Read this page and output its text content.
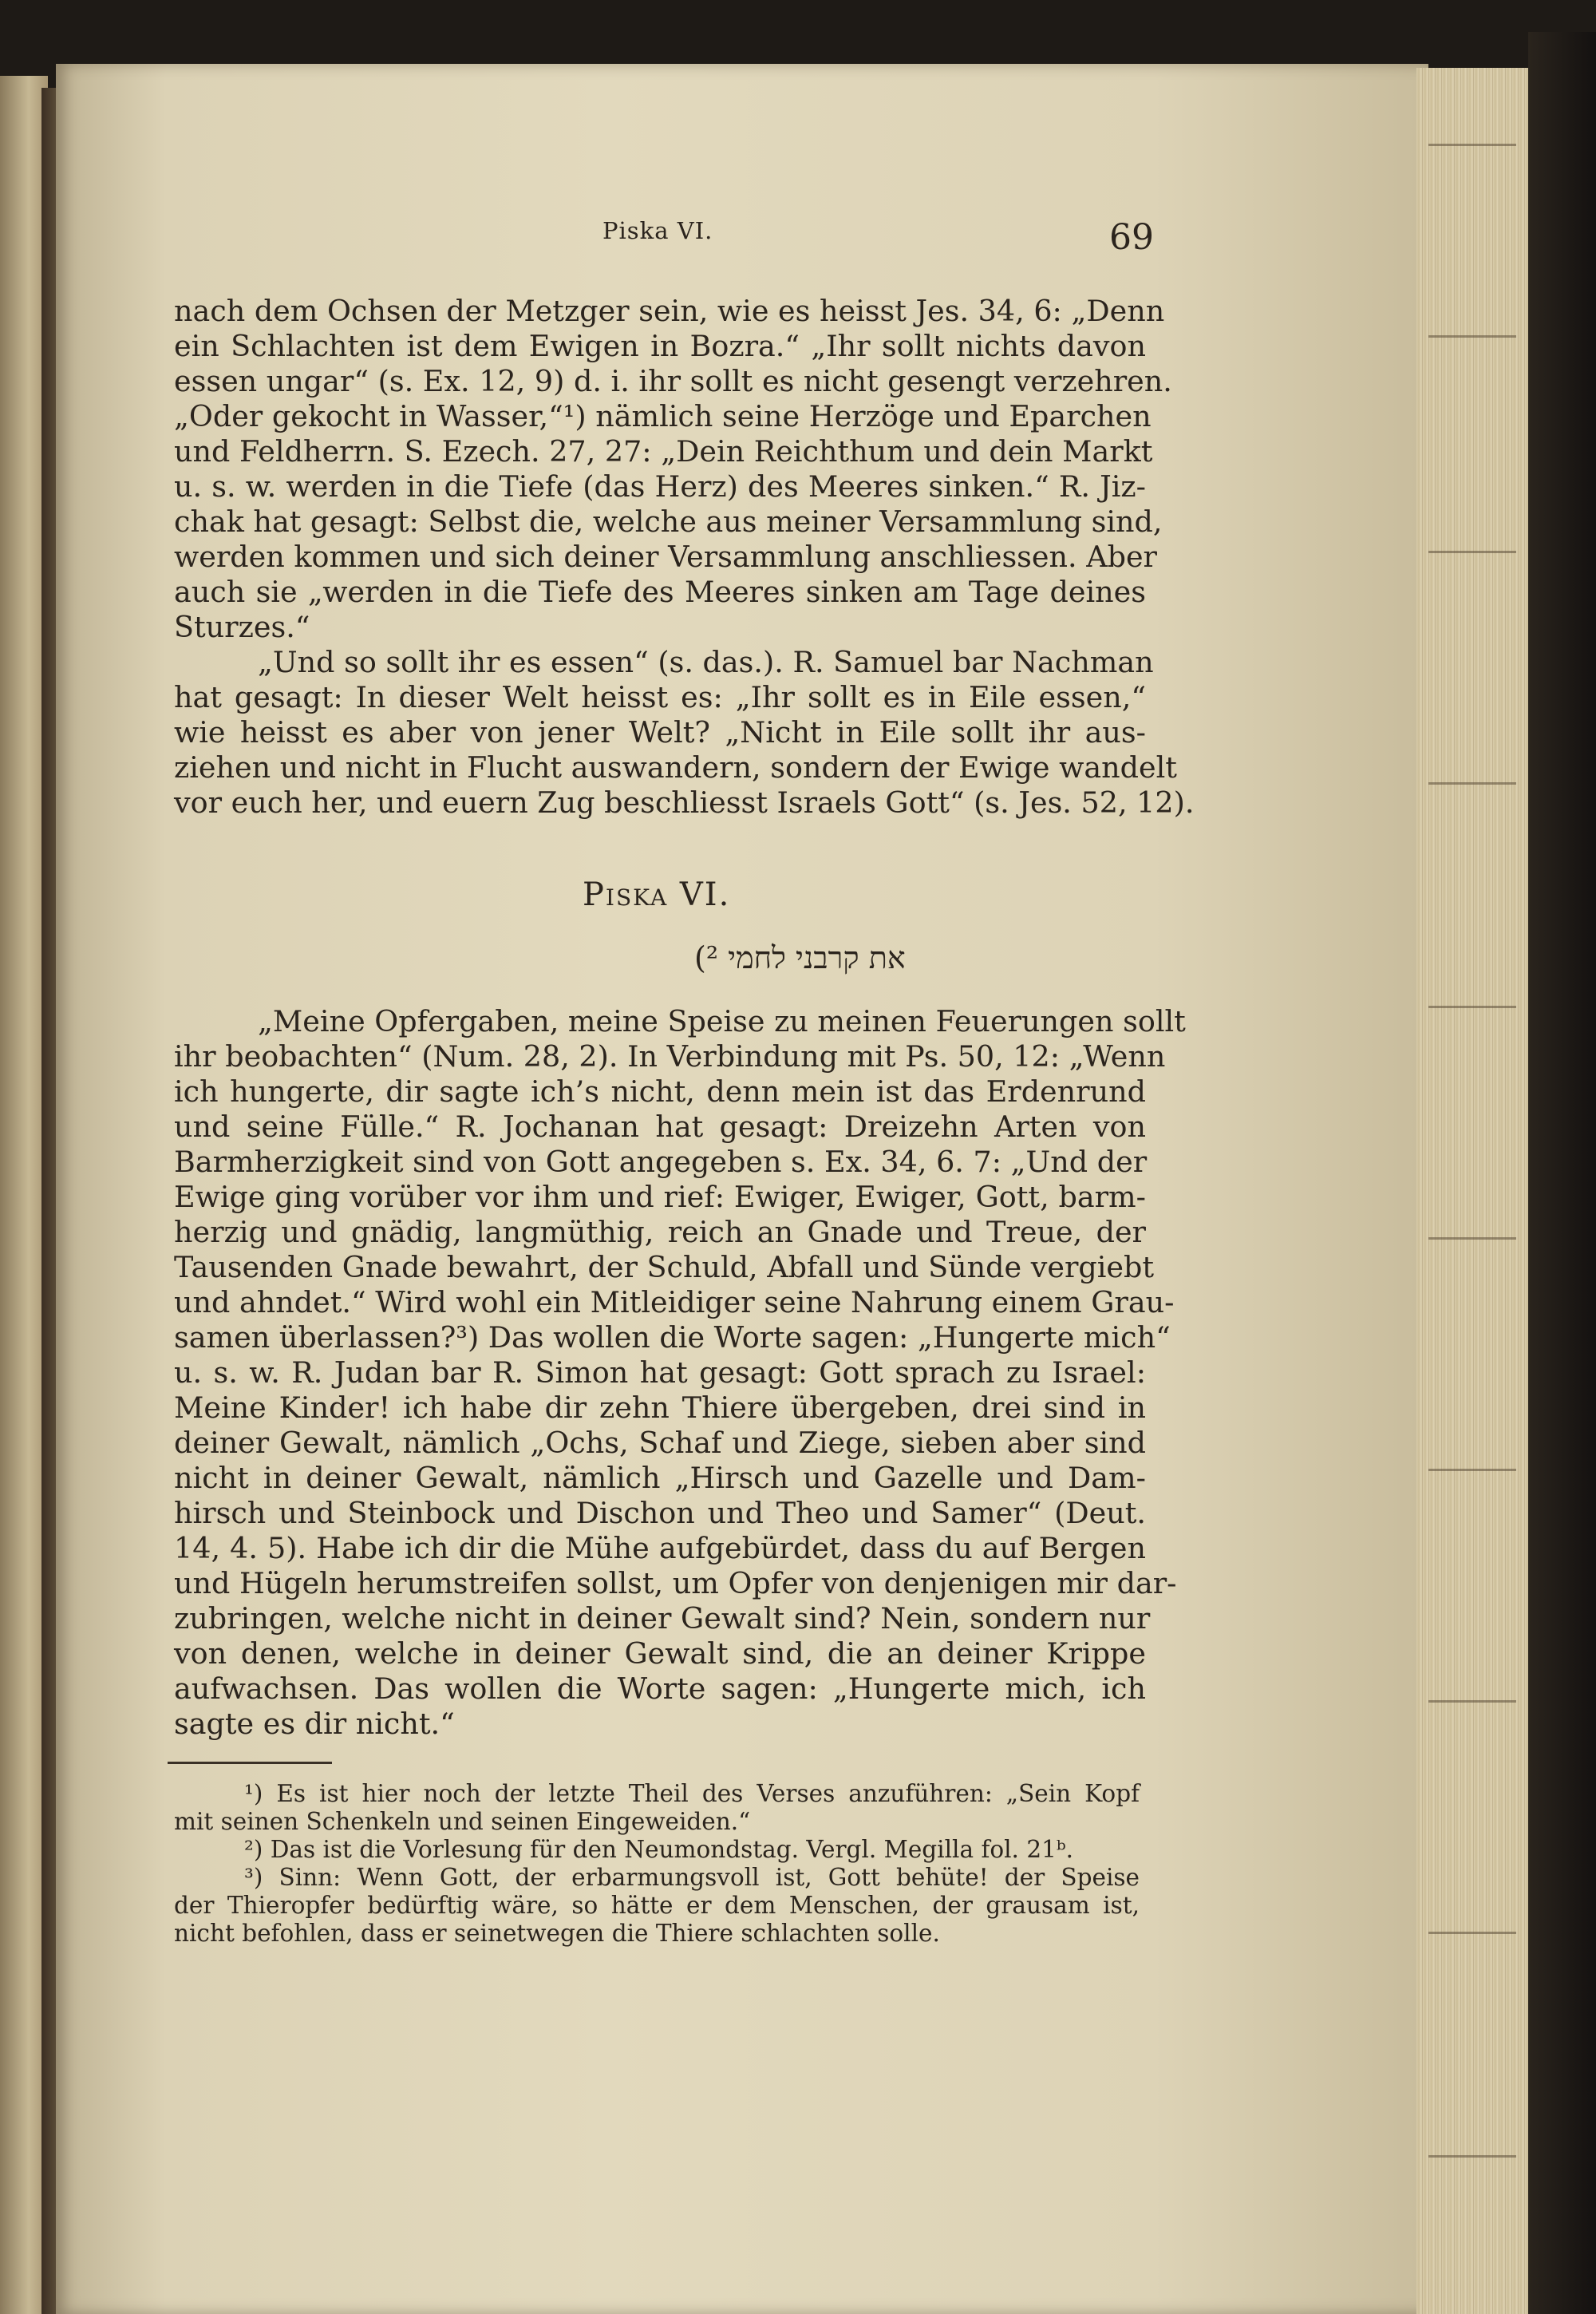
Piska VI.	69
nach dem Ochsen der Metzger sein, wie es heisst Jes. 34, 6: „Denn
ein Schlachten ist dem Ewigen in Bozra.“ „Ihr sollt nichts davon
essen ungar“ (s. Ex. 12, 9) d. i. ihr sollt es nicht gesengt verzehren.
„Oder gekocht in Wasser,“¹) nämlich seine Herzöge und Eparchen
und Feldherrn. S. Ezech. 27, 27: „Dein Reichthum und dein Markt
u. s. w. werden in die Tiefe (das Herz) des Meeres sinken.“ R. Jiz-
chak hat gesagt: Selbst die, welche aus meiner Versammlung sind,
werden kommen und sich deiner Versammlung anschliessen. Aber
auch sie „werden in die Tiefe des Meeres sinken am Tage deines
Sturzes.“
„Und so sollt ihr es essen“ (s. das.). R. Samuel bar Nachman
hat gesagt: In dieser Welt heisst es: „Ihr sollt es in Eile essen,“
wie heisst es aber von jener Welt? „Nicht in Eile sollt ihr aus-
ziehen und nicht in Flucht auswandern, sondern der Ewige wandelt
vor euch her, und euern Zug beschliesst Israels Gott“ (s. Jes. 52, 12).
Piska VI.
את קרבני לחמי ²)
„Meine Opfergaben, meine Speise zu meinen Feuerungen sollt
ihr beobachten“ (Num. 28, 2). In Verbindung mit Ps. 50, 12: „Wenn
ich hungerte, dir sagte ich’s nicht, denn mein ist das Erdenrund
und seine Fülle.“ R. Jochanan hat gesagt: Dreizehn Arten von
Barmherzigkeit sind von Gott angegeben s. Ex. 34, 6. 7: „Und der
Ewige ging vorüber vor ihm und rief: Ewiger, Ewiger, Gott, barm-
herzig und gnädig, langmüthig, reich an Gnade und Treue, der
Tausenden Gnade bewahrt, der Schuld, Abfall und Sünde vergiebt
und ahndet.“ Wird wohl ein Mitleidiger seine Nahrung einem Grau-
samen überlassen?³) Das wollen die Worte sagen: „Hungerte mich“
u. s. w. R. Judan bar R. Simon hat gesagt: Gott sprach zu Israel:
Meine Kinder! ich habe dir zehn Thiere übergeben, drei sind in
deiner Gewalt, nämlich „Ochs, Schaf und Ziege, sieben aber sind
nicht in deiner Gewalt, nämlich „Hirsch und Gazelle und Dam-
hirsch und Steinbock und Dischon und Theo und Samer“ (Deut.
14, 4. 5). Habe ich dir die Mühe aufgebürdet, dass du auf Bergen
und Hügeln herumstreifen sollst, um Opfer von denjenigen mir dar-
zubringen, welche nicht in deiner Gewalt sind? Nein, sondern nur
von denen, welche in deiner Gewalt sind, die an deiner Krippe
aufwachsen. Das wollen die Worte sagen: „Hungerte mich, ich
sagte es dir nicht.“
¹) Es ist hier noch der letzte Theil des Verses anzuführen: „Sein Kopf
mit seinen Schenkeln und seinen Eingeweiden.“
²) Das ist die Vorlesung für den Neumondstag. Vergl. Megilla fol. 21ᵇ.
³) Sinn: Wenn Gott, der erbarmungsvoll ist, Gott behüte! der Speise
der Thieropfer bedürftig wäre, so hätte er dem Menschen, der grausam ist,
nicht befohlen, dass er seinetwegen die Thiere schlachten solle.
